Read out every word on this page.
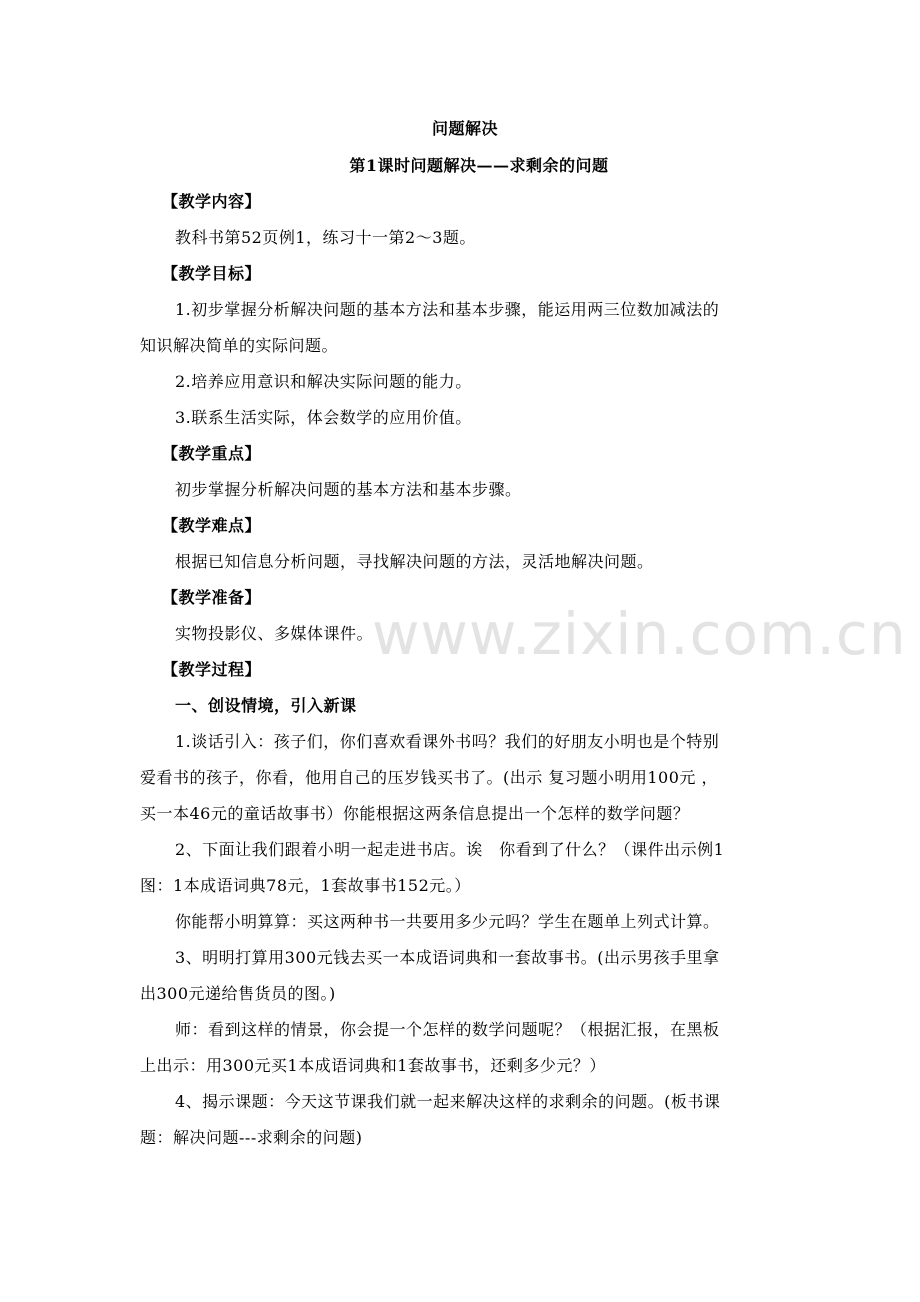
问题解决
第1课时问题解决——求剩余的问题
【教学内容】
教科书第52页例1，练习十一第2～3题。
【教学目标】
1.初步掌握分析解决问题的基本方法和基本步骤，能运用两三位数加减法的
知识解决简单的实际问题。
2.培养应用意识和解决实际问题的能力。
3.联系生活实际，体会数学的应用价值。
【教学重点】
初步掌握分析解决问题的基本方法和基本步骤。
【教学难点】
根据已知信息分析问题，寻找解决问题的方法，灵活地解决问题。
【教学准备】
实物投影仪、多媒体课件。
【教学过程】
一、创设情境，引入新课
1.谈话引入：孩子们，你们喜欢看课外书吗？我们的好朋友小明也是个特别
爱看书的孩子，你看，他用自己的压岁钱买书了。(出示 复习题小明用100元 ，
买一本46元的童话故事书）你能根据这两条信息提出一个怎样的数学问题？
2、下面让我们跟着小明一起走进书店。诶　你看到了什么？（课件出示例1
图：1本成语词典78元，1套故事书152元。）
你能帮小明算算：买这两种书一共要用多少元吗？学生在题单上列式计算。
3、明明打算用300元钱去买一本成语词典和一套故事书。(出示男孩手里拿
出300元递给售货员的图。)
师：看到这样的情景，你会提一个怎样的数学问题呢？（根据汇报，在黑板
上出示：用300元买1本成语词典和1套故事书，还剩多少元？）
4、揭示课题：今天这节课我们就一起来解决这样的求剩余的问题。(板书课
题：解决问题---求剩余的问题)
www.zixin.com.cn
